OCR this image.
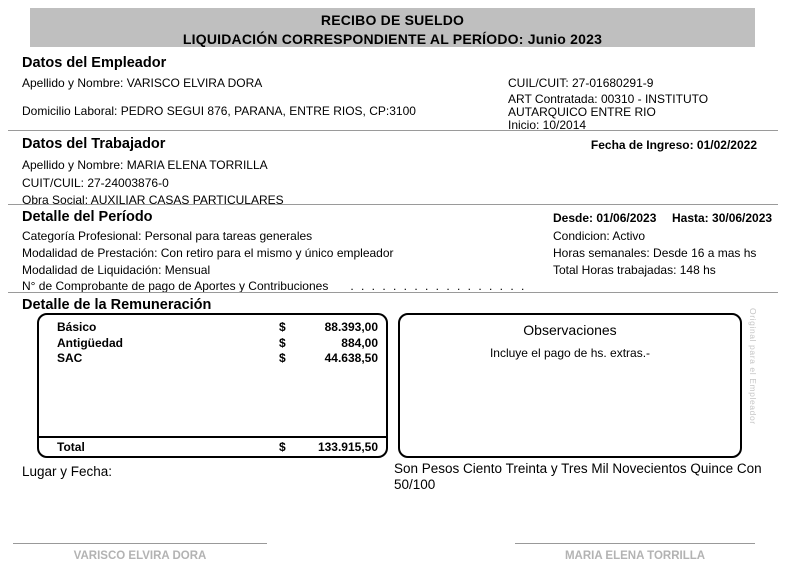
RECIBO DE SUELDO
LIQUIDACIÓN CORRESPONDIENTE AL PERÍODO: Junio 2023
Datos del Empleador
Apellido y Nombre: VARISCO ELVIRA DORA
Domicilio Laboral: PEDRO SEGUI 876, PARANA, ENTRE RIOS, CP:3100
CUIL/CUIT: 27-01680291-9
ART Contratada: 00310 - INSTITUTO AUTARQUICO ENTRE RIO
Inicio: 10/2014
Datos del Trabajador	Fecha de Ingreso: 01/02/2022
Apellido y Nombre: MARIA ELENA TORRILLA
CUIT/CUIL: 27-24003876-0
Obra Social: AUXILIAR CASAS PARTICULARES
Detalle del Período	Desde: 01/06/2023 Hasta: 30/06/2023
Categoría Profesional: Personal para tareas generales	Condicion: Activo
Modalidad de Prestación: Con retiro para el mismo y único empleador	Horas semanales: Desde 16 a mas hs
Modalidad de Liquidación: Mensual	Total Horas trabajadas: 148 hs
N° de Comprobante de pago de Aportes y Contribuciones . . . . . . . . . . . . . . . . .
Detalle de la Remuneración
Básico	$	88.393,00
Antigüedad	$	884,00
SAC	$	44.638,50
Total	$	133.915,50
Observaciones
Incluye el pago de hs. extras.-	Original para el Empleador
Lugar y Fecha:	Son Pesos Ciento Treinta y Tres Mil Novecientos Quince Con 50/100
VARISCO ELVIRA DORA	MARIA ELENA TORRILLA
